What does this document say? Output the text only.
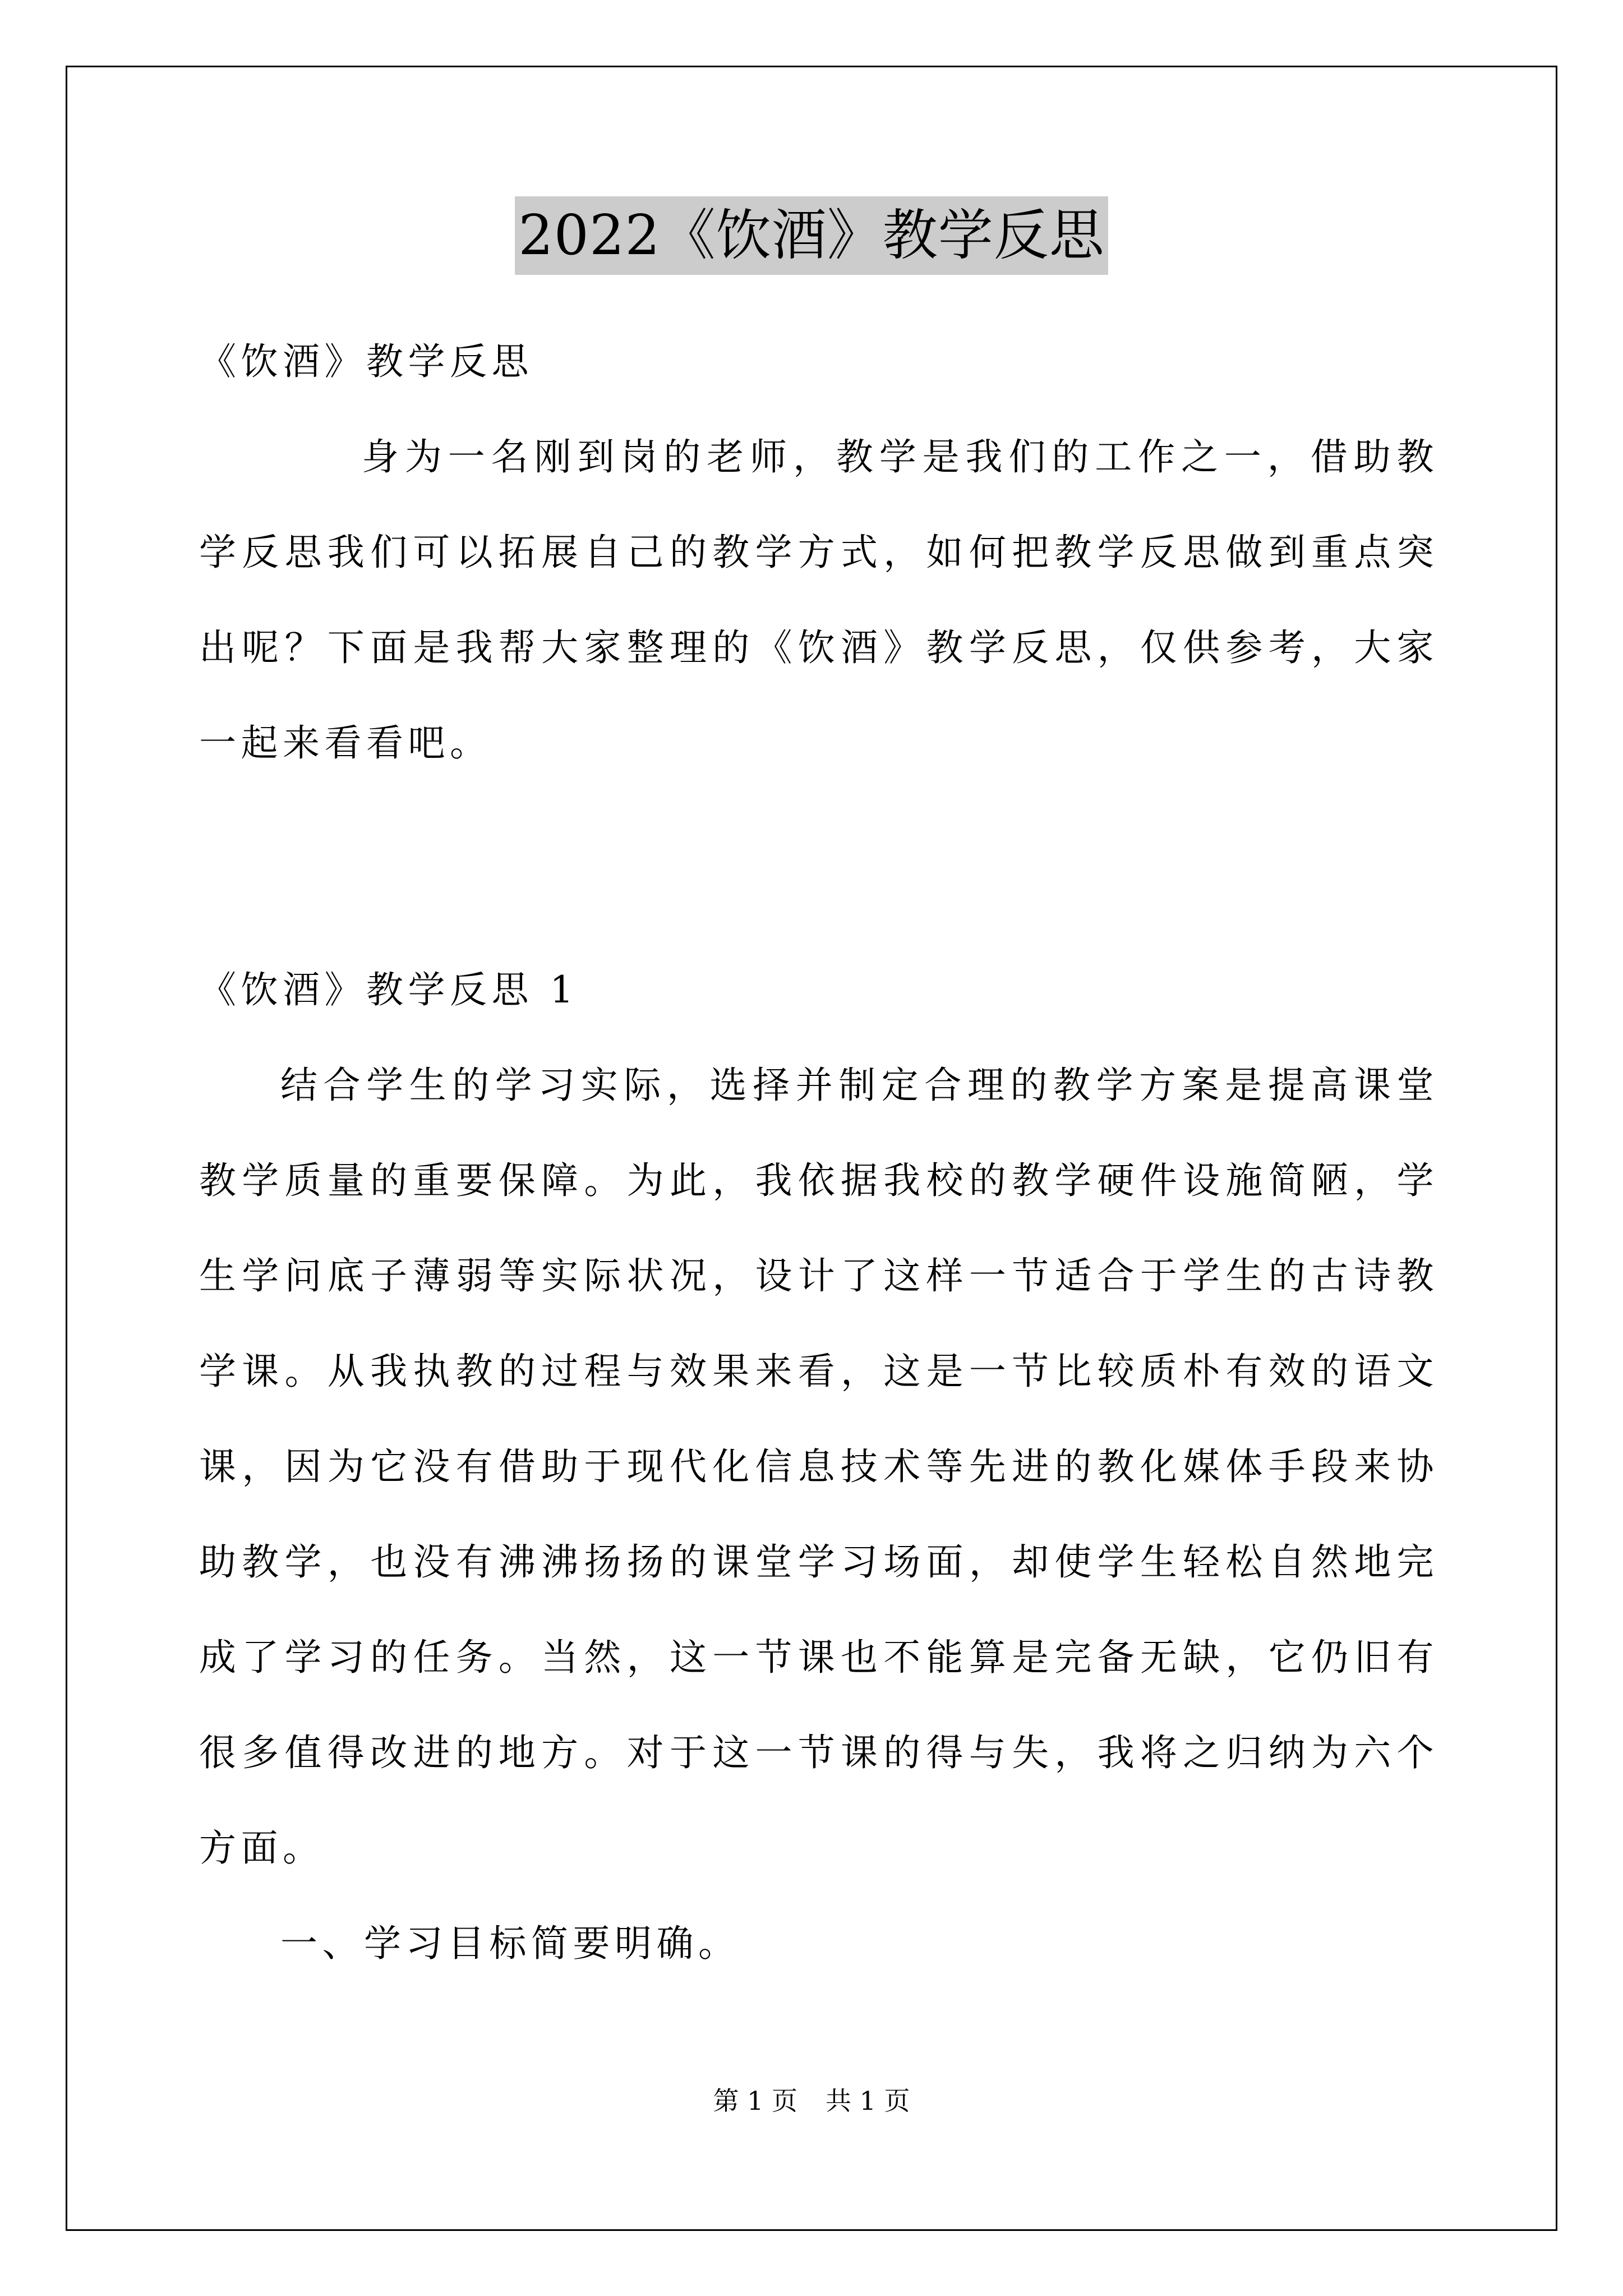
2022《饮酒》教学反思

《饮酒》教学反思

身为一名刚到岗的老师，教学是我们的工作之一，借助教学反思我们可以拓展自己的教学方式，如何把教学反思做到重点突出呢？下面是我帮大家整理的《饮酒》教学反思，仅供参考，大家一起来看看吧。

《饮酒》教学反思 1

结合学生的学习实际，选择并制定合理的教学方案是提高课堂教学质量的重要保障。为此，我依据我校的教学硬件设施简陋，学生学问底子薄弱等实际状况，设计了这样一节适合于学生的古诗教学课。从我执教的过程与效果来看，这是一节比较质朴有效的语文课，因为它没有借助于现代化信息技术等先进的教化媒体手段来协助教学，也没有沸沸扬扬的课堂学习场面，却使学生轻松自然地完成了学习的任务。当然，这一节课也不能算是完备无缺，它仍旧有很多值得改进的地方。对于这一节课的得与失，我将之归纳为六个方面。

一、学习目标简要明确。

第 1 页 共 1 页
